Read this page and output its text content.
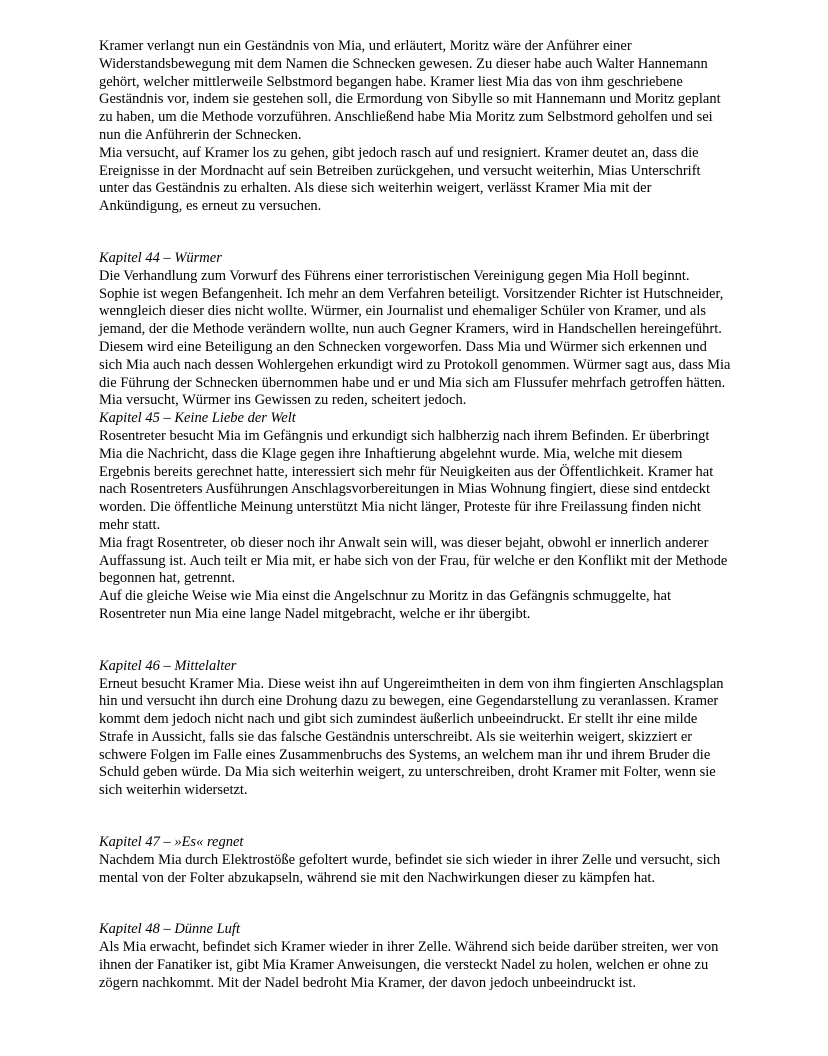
Kramer verlangt nun ein Geständnis von Mia, und erläutert, Moritz wäre der Anführer einer Widerstandsbewegung mit dem Namen die Schnecken gewesen. Zu dieser habe auch Walter Hannemann gehört, welcher mittlerweile Selbstmord begangen habe. Kramer liest Mia das von ihm geschriebene Geständnis vor, indem sie gestehen soll, die Ermordung von Sibylle so mit Hannemann und Moritz geplant zu haben, um die Methode vorzuführen. Anschließend habe Mia Moritz zum Selbstmord geholfen und sei nun die Anführerin der Schnecken.

Mia versucht, auf Kramer los zu gehen, gibt jedoch rasch auf und resigniert. Kramer deutet an, dass die Ereignisse in der Mordnacht auf sein Betreiben zurückgehen, und versucht weiterhin, Mias Unterschrift unter das Geständnis zu erhalten. Als diese sich weiterhin weigert, verlässt Kramer Mia mit der Ankündigung, es erneut zu versuchen.

Kapitel 44 – Würmer

Die Verhandlung zum Vorwurf des Führens einer terroristischen Vereinigung gegen Mia Holl beginnt. Sophie ist wegen Befangenheit. Ich mehr an dem Verfahren beteiligt. Vorsitzender Richter ist Hutschneider, wenngleich dieser dies nicht wollte. Würmer, ein Journalist und ehemaliger Schüler von Kramer, und als jemand, der die Methode verändern wollte, nun auch Gegner Kramers, wird in Handschellen hereingeführt. Diesem wird eine Beteiligung an den Schnecken vorgeworfen. Dass Mia und Würmer sich erkennen und sich Mia auch nach dessen Wohlergehen erkundigt wird zu Protokoll genommen. Würmer sagt aus, dass Mia die Führung der Schnecken übernommen habe und er und Mia sich am Flussufer mehrfach getroffen hätten. Mia versucht, Würmer ins Gewissen zu reden, scheitert jedoch.

Kapitel 45 – Keine Liebe der Welt

Rosentreter besucht Mia im Gefängnis und erkundigt sich halbherzig nach ihrem Befinden. Er überbringt Mia die Nachricht, dass die Klage gegen ihre Inhaftierung abgelehnt wurde. Mia, welche mit diesem Ergebnis bereits gerechnet hatte, interessiert sich mehr für Neuigkeiten aus der Öffentlichkeit. Kramer hat nach Rosentreters Ausführungen Anschlagsvorbereitungen in Mias Wohnung fingiert, diese sind entdeckt worden. Die öffentliche Meinung unterstützt Mia nicht länger, Proteste für ihre Freilassung finden nicht mehr statt.

Mia fragt Rosentreter, ob dieser noch ihr Anwalt sein will, was dieser bejaht, obwohl er innerlich anderer Auffassung ist. Auch teilt er Mia mit, er habe sich von der Frau, für welche er den Konflikt mit der Methode begonnen hat, getrennt.

Auf die gleiche Weise wie Mia einst die Angelschnur zu Moritz in das Gefängnis schmuggelte, hat Rosentreter nun Mia eine lange Nadel mitgebracht, welche er ihr übergibt.

Kapitel 46 – Mittelalter

Erneut besucht Kramer Mia. Diese weist ihn auf Ungereimtheiten in dem von ihm fingierten Anschlagsplan hin und versucht ihn durch eine Drohung dazu zu bewegen, eine Gegendarstellung zu veranlassen. Kramer kommt dem jedoch nicht nach und gibt sich zumindest äußerlich unbeeindruckt. Er stellt ihr eine milde Strafe in Aussicht, falls sie das falsche Geständnis unterschreibt. Als sie weiterhin weigert, skizziert er schwere Folgen im Falle eines Zusammenbruchs des Systems, an welchem man ihr und ihrem Bruder die Schuld geben würde. Da Mia sich weiterhin weigert, zu unterschreiben, droht Kramer mit Folter, wenn sie sich weiterhin widersetzt.

Kapitel 47 – »Es« regnet

Nachdem Mia durch Elektrostöße gefoltert wurde, befindet sie sich wieder in ihrer Zelle und versucht, sich mental von der Folter abzukapseln, während sie mit den Nachwirkungen dieser zu kämpfen hat.

Kapitel 48 – Dünne Luft

Als Mia erwacht, befindet sich Kramer wieder in ihrer Zelle. Während sich beide darüber streiten, wer von ihnen der Fanatiker ist, gibt Mia Kramer Anweisungen, die versteckt Nadel zu holen, welchen er ohne zu zögern nachkommt. Mit der Nadel bedroht Mia Kramer, der davon jedoch unbeeindruckt ist.
